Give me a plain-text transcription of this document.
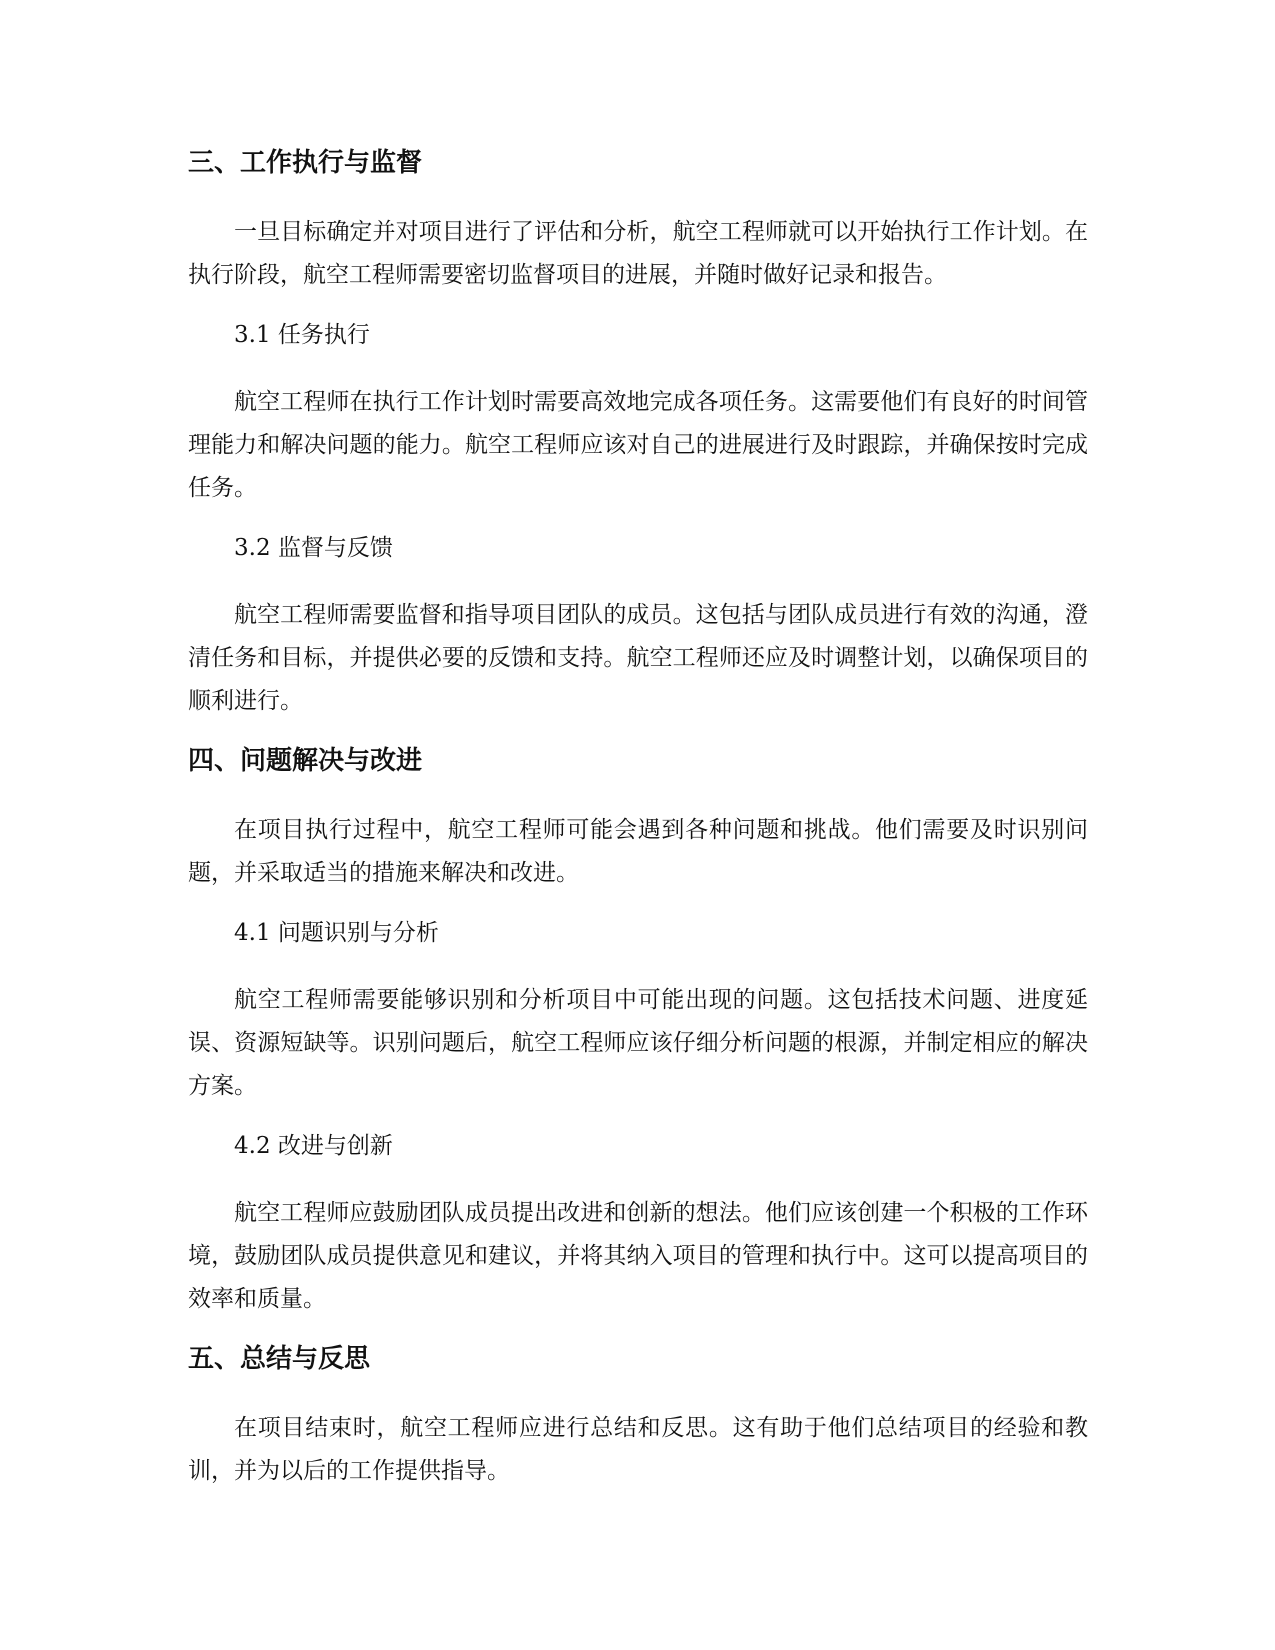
三、工作执行与监督

一旦目标确定并对项目进行了评估和分析，航空工程师就可以开始执行工作计划。在执行阶段，航空工程师需要密切监督项目的进展，并随时做好记录和报告。

3.1 任务执行

航空工程师在执行工作计划时需要高效地完成各项任务。这需要他们有良好的时间管理能力和解决问题的能力。航空工程师应该对自己的进展进行及时跟踪，并确保按时完成任务。

3.2 监督与反馈

航空工程师需要监督和指导项目团队的成员。这包括与团队成员进行有效的沟通，澄清任务和目标，并提供必要的反馈和支持。航空工程师还应及时调整计划，以确保项目的顺利进行。

四、问题解决与改进

在项目执行过程中，航空工程师可能会遇到各种问题和挑战。他们需要及时识别问题，并采取适当的措施来解决和改进。

4.1 问题识别与分析

航空工程师需要能够识别和分析项目中可能出现的问题。这包括技术问题、进度延误、资源短缺等。识别问题后，航空工程师应该仔细分析问题的根源，并制定相应的解决方案。

4.2 改进与创新

航空工程师应鼓励团队成员提出改进和创新的想法。他们应该创建一个积极的工作环境，鼓励团队成员提供意见和建议，并将其纳入项目的管理和执行中。这可以提高项目的效率和质量。

五、总结与反思

在项目结束时，航空工程师应进行总结和反思。这有助于他们总结项目的经验和教训，并为以后的工作提供指导。
